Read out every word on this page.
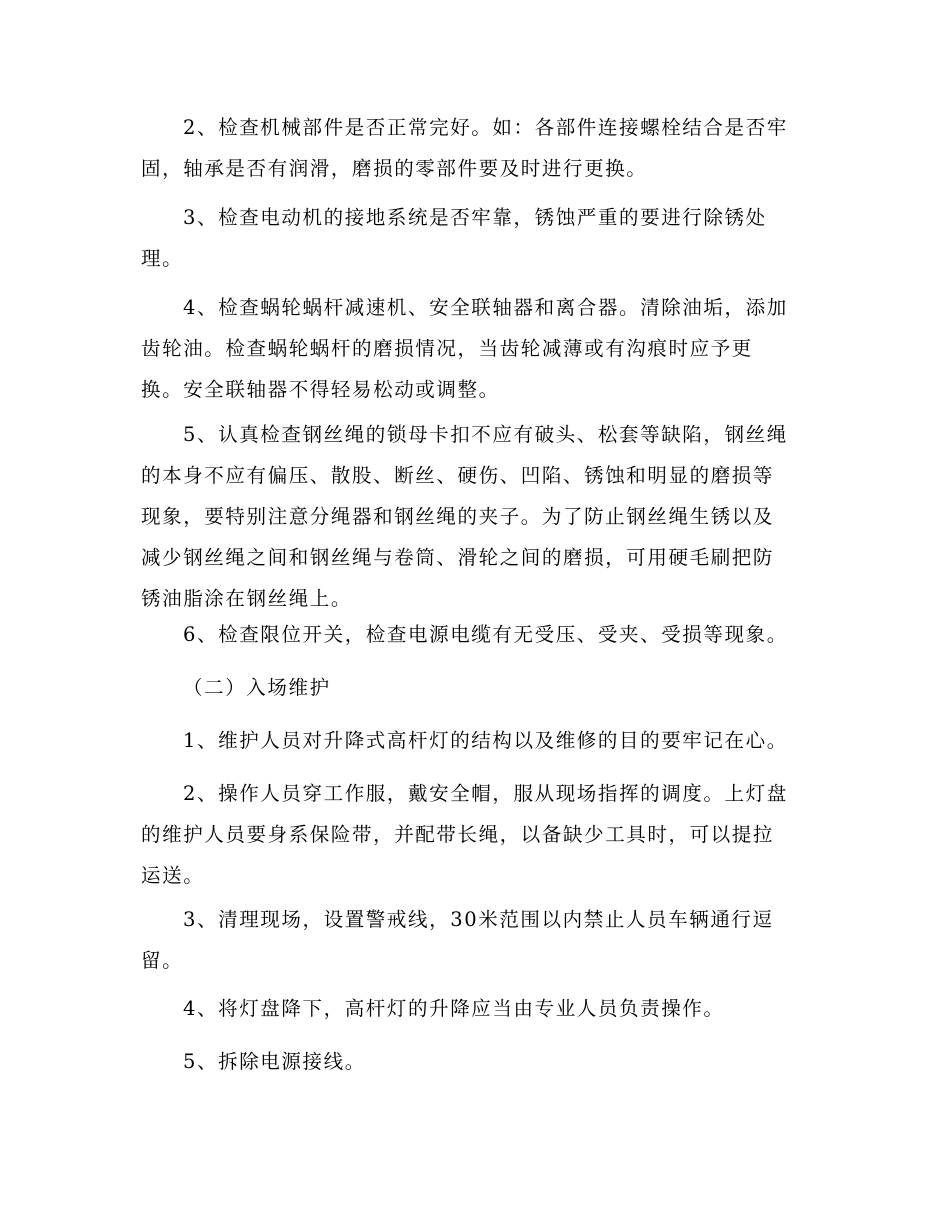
2、检查机械部件是否正常完好。如：各部件连接螺栓结合是否牢
固，轴承是否有润滑，磨损的零部件要及时进行更换。

3、检查电动机的接地系统是否牢靠，锈蚀严重的要进行除锈处
理。

4、检查蜗轮蜗杆减速机、安全联轴器和离合器。清除油垢，添加
齿轮油。检查蜗轮蜗杆的磨损情况，当齿轮减薄或有沟痕时应予更
换。安全联轴器不得轻易松动或调整。

5、认真检查钢丝绳的锁母卡扣不应有破头、松套等缺陷，钢丝绳
的本身不应有偏压、散股、断丝、硬伤、凹陷、锈蚀和明显的磨损等
现象，要特别注意分绳器和钢丝绳的夹子。为了防止钢丝绳生锈以及
减少钢丝绳之间和钢丝绳与卷筒、滑轮之间的磨损，可用硬毛刷把防
锈油脂涂在钢丝绳上。

6、检查限位开关，检查电源电缆有无受压、受夹、受损等现象。

（二）入场维护

1、维护人员对升降式高杆灯的结构以及维修的目的要牢记在心。

2、操作人员穿工作服，戴安全帽，服从现场指挥的调度。上灯盘
的维护人员要身系保险带，并配带长绳，以备缺少工具时，可以提拉
运送。

3、清理现场，设置警戒线，30米范围以内禁止人员车辆通行逗
留。

4、将灯盘降下，高杆灯的升降应当由专业人员负责操作。

5、拆除电源接线。
